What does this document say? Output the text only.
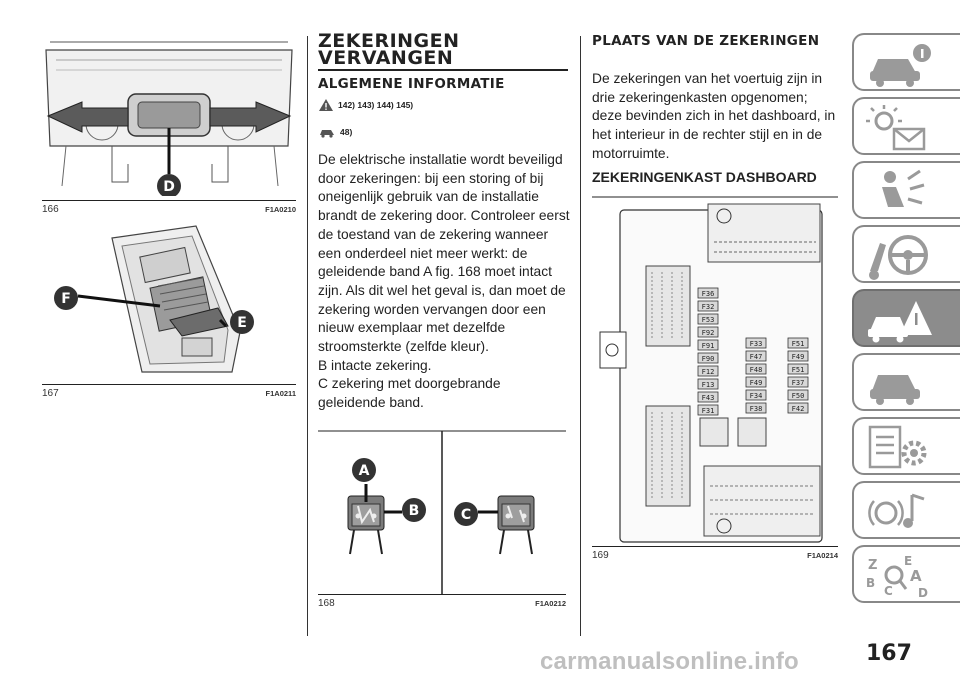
D
166	F1A0210
F
E
167	F1A0211
ZEKERINGEN VERVANGEN
ALGEMENE INFORMATIE
142) 143) 144) 145)
48)

De elektrische installatie wordt beveiligd door zekeringen: bij een storing of bij oneigenlijk gebruik van de installatie brandt de zekering door. Controleer eerst de toestand van de zekering wanneer een onderdeel niet meer werkt: de geleidende band A fig. 168 moet intact zijn. Als dit wel het geval is, dan moet de zekering worden vervangen door een nieuw exemplaar met dezelfde stroomsterkte (zelfde kleur).

B intacte zekering.

C zekering met doorgebrande geleidende band.

A
B	C
168	F1A0212
PLAATS VAN DE ZEKERINGEN

De zekeringen van het voertuig zijn in drie zekeringenkasten opgenomen; deze bevinden zich in het dashboard, in het interieur in de rechter stijl en in de motorruimte.

ZEKERINGENKAST DASHBOARD
F36
F32
F53
F92
F91
F90
F12
F13
F43
F31
F33
F47
F48
F49
F34
F38
F51
F49
F51
F37
F50
F42
169	F1A0214
Z E
B A
C D
carmanualsonline.info	167
